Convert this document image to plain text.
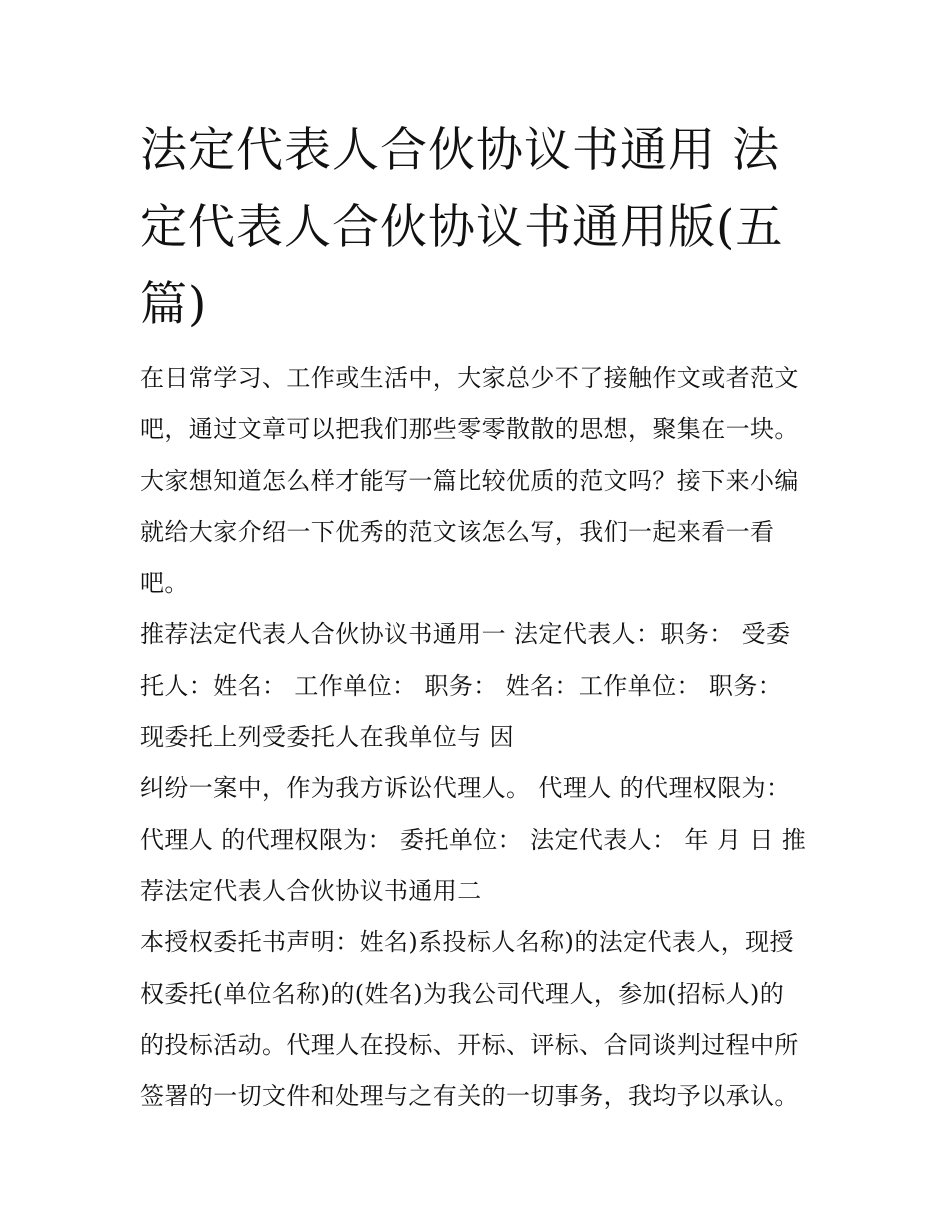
法定代表人合伙协议书通用 法
定代表人合伙协议书通用版(五
篇)
在日常学习、工作或生活中，大家总少不了接触作文或者范文
吧，通过文章可以把我们那些零零散散的思想，聚集在一块。
大家想知道怎么样才能写一篇比较优质的范文吗？接下来小编
就给大家介绍一下优秀的范文该怎么写，我们一起来看一看
吧。
推荐法定代表人合伙协议书通用一 法定代表人：职务： 受委
托人：姓名： 工作单位： 职务： 姓名：工作单位： 职务：
现委托上列受委托人在我单位与 因
纠纷一案中，作为我方诉讼代理人。 代理人 的代理权限为：
代理人 的代理权限为： 委托单位： 法定代表人： 年 月 日 推
荐法定代表人合伙协议书通用二
本授权委托书声明：姓名)系投标人名称)的法定代表人，现授
权委托(单位名称)的(姓名)为我公司代理人，参加(招标人)的
的投标活动。代理人在投标、开标、评标、合同谈判过程中所
签署的一切文件和处理与之有关的一切事务，我均予以承认。
